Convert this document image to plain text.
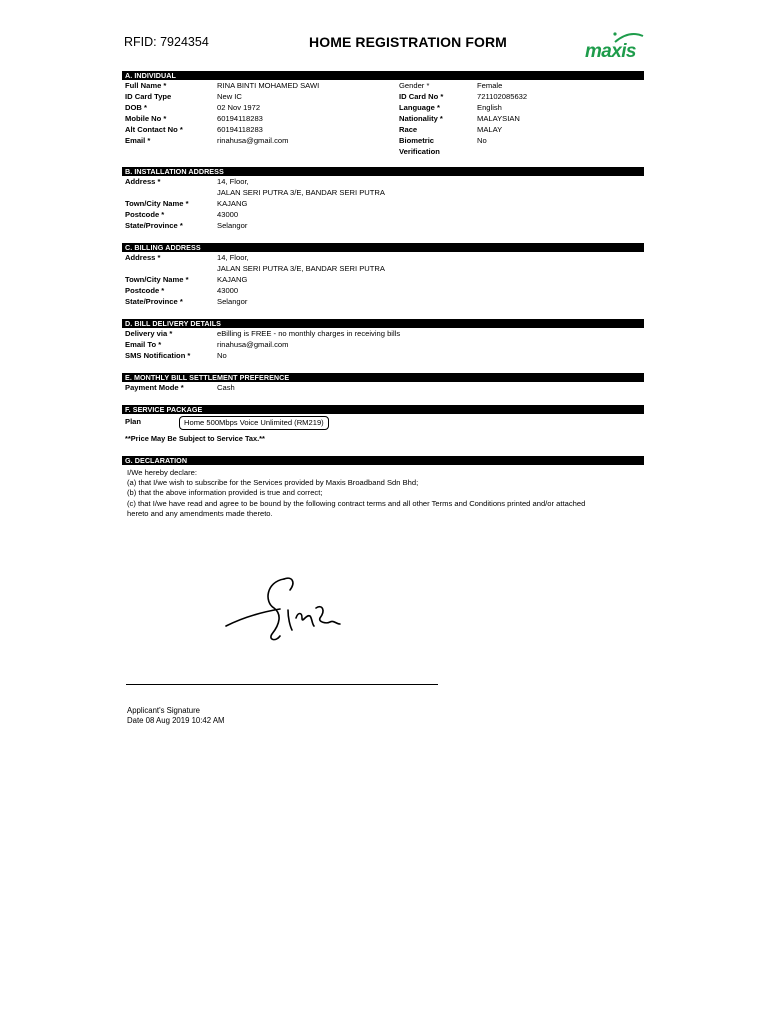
RFID: 7924354	HOME REGISTRATION FORM	maxis
A. INDIVIDUAL
Full Name *	RINA BINTI MOHAMED SAWI	Gender *	Female
ID Card Type	New IC	ID Card No *	721102085632
DOB *	02 Nov 1972	Language *	English
Mobile No *	60194118283	Nationality *	MALAYSIAN
Alt Contact No *	60194118283	Race	MALAY
Email *	rinahusa@gmail.com	Biometric	No
Verification
B. INSTALLATION ADDRESS
Address *	14, Floor,
JALAN SERI PUTRA 3/E, BANDAR SERI PUTRA
Town/City Name *	KAJANG
Postcode *	43000
State/Province *	Selangor
C. BILLING ADDRESS
Address *	14, Floor,
JALAN SERI PUTRA 3/E, BANDAR SERI PUTRA
Town/City Name *	KAJANG
Postcode *	43000
State/Province *	Selangor
D. BILL DELIVERY DETAILS
Delivery via *	eBilling is FREE - no monthly charges in receiving bills
Email To *	rinahusa@gmail.com
SMS Notification *	No
E. MONTHLY BILL SETTLEMENT PREFERENCE
Payment Mode *	Cash
F. SERVICE PACKAGE
Plan	Home 500Mbps Voice Unlimited (RM219)
**Price May Be Subject to Service Tax.**
G. DECLARATION
I/We hereby declare:
(a) that I/we wish to subscribe for the Services provided by Maxis Broadband Sdn Bhd;
(b) that the above information provided is true and correct;
(c) that I/we have read and agree to be bound by the following contract terms and all other Terms and Conditions printed and/or attached
hereto and any amendments made thereto.
Applicant's Signature
Date 08 Aug 2019 10:42 AM
